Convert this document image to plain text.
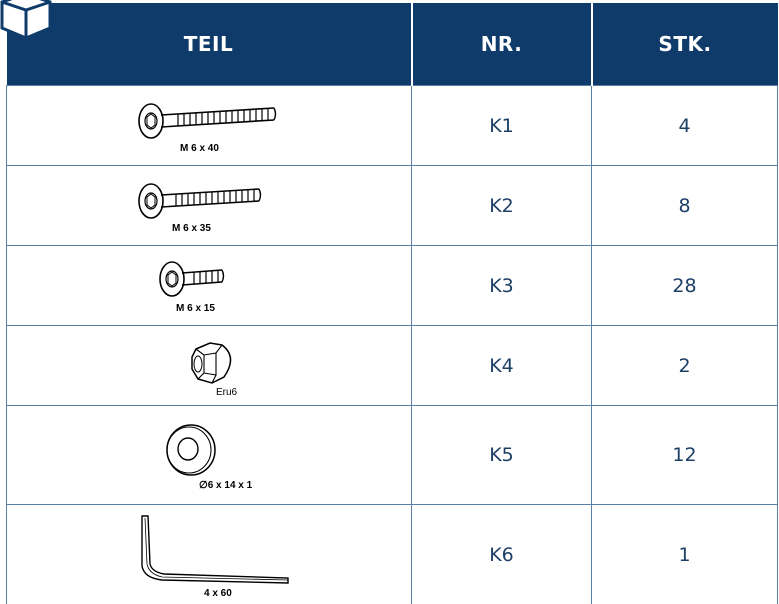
TEIL	NR.	STK.

M 6 x 40	K1	4

M 6 x 35	K2	8

M 6 x 15	K3	28

Eru6	K4	2

∅6 x 14 x 1	K5	12

4 x 60	K6	1
